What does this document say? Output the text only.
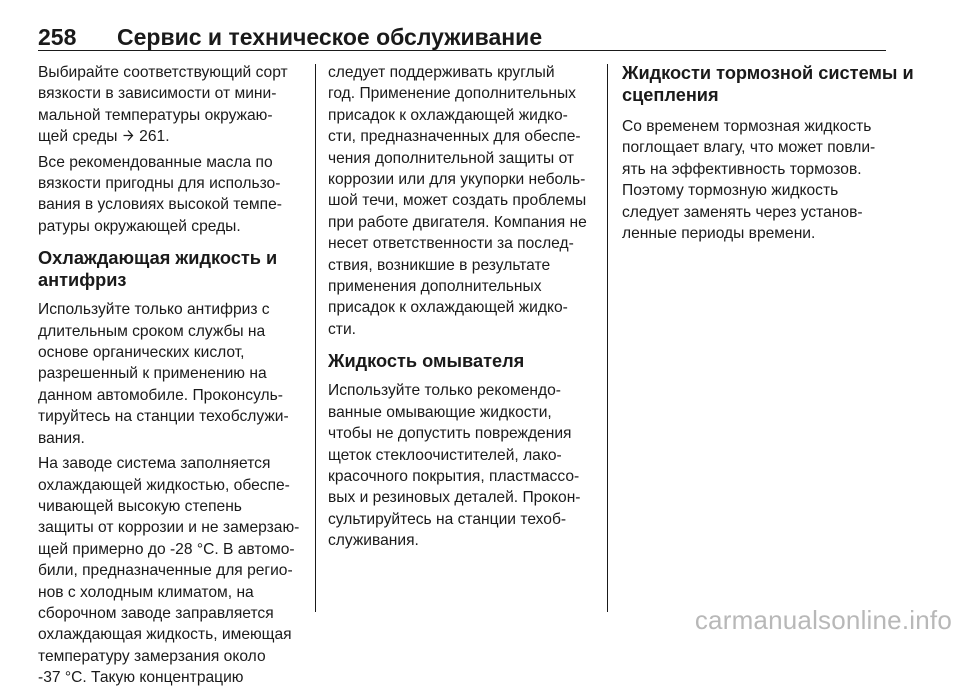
258 Сервис и техническое обслуживание

Выбирайте соответствующий сорт
вязкости в зависимости от мини-
мальной температуры окружаю-
щей среды 261.

Все рекомендованные масла по
вязкости пригодны для использо-
вания в условиях высокой темпе-
ратуры окружающей среды.

Охлаждающая жидкость и
антифриз

Используйте только антифриз с
длительным сроком службы на
основе органических кислот,
разрешенный к применению на
данном автомобиле. Проконсуль-
тируйтесь на станции техобслужи-
вания.

На заводе система заполняется
охлаждающей жидкостью, обеспе-
чивающей высокую степень
защиты от коррозии и не замерзаю-
щей примерно до -28 °C. В автомо-
били, предназначенные для регио-
нов с холодным климатом, на
сборочном заводе заправляется
охлаждающая жидкость, имеющая
температуру замерзания около
-37 °C. Такую концентрацию

следует поддерживать круглый
год. Применение дополнительных
присадок к охлаждающей жидко-
сти, предназначенных для обеспе-
чения дополнительной защиты от
коррозии или для укупорки неболь-
шой течи, может создать проблемы
при работе двигателя. Компания не
несет ответственности за послед-
ствия, возникшие в результате
применения дополнительных
присадок к охлаждающей жидко-
сти.

Жидкость омывателя

Используйте только рекомендо-
ванные омывающие жидкости,
чтобы не допустить повреждения
щеток стеклоочистителей, лако-
красочного покрытия, пластмассо-
вых и резиновых деталей. Прокон-
сультируйтесь на станции техоб-
служивания.

Жидкости тормозной системы и
сцепления

Со временем тормозная жидкость
поглощает влагу, что может повли-
ять на эффективность тормозов.
Поэтому тормозную жидкость
следует заменять через установ-
ленные периоды времени.

carmanualsonline.info
